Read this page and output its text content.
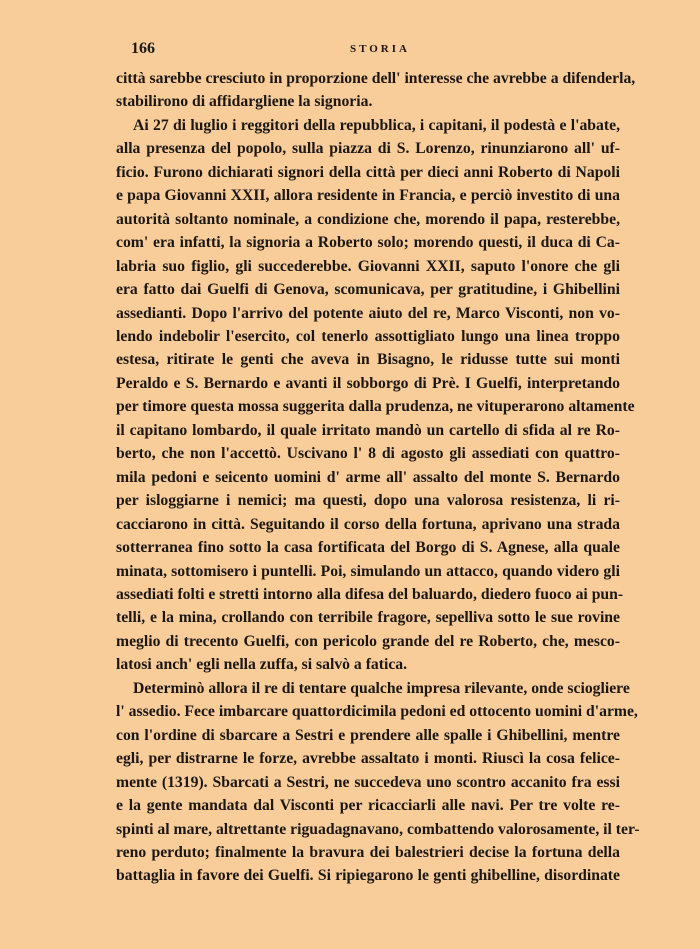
166	STORIA

città sarebbe cresciuto in proporzione dell' interesse che avrebbe a difenderla,
stabilirono di affidargliene la signoria.

Ai 27 di luglio i reggitori della repubblica, i capitani, il podestà e l'abate,
alla presenza del popolo, sulla piazza di S. Lorenzo, rinunziarono all' uf-
ficio. Furono dichiarati signori della città per dieci anni Roberto di Napoli
e papa Giovanni XXII, allora residente in Francia, e perciò investito di una
autorità soltanto nominale, a condizione che, morendo il papa, resterebbe,
com' era infatti, la signoria a Roberto solo; morendo questi, il duca di Ca-
labria suo figlio, gli succederebbe. Giovanni XXII, saputo l'onore che gli
era fatto dai Guelfi di Genova, scomunicava, per gratitudine, i Ghibellini
assedianti. Dopo l'arrivo del potente aiuto del re, Marco Visconti, non vo-
lendo indebolir l'esercito, col tenerlo assottigliato lungo una linea troppo
estesa, ritirate le genti che aveva in Bisagno, le ridusse tutte sui monti
Peraldo e S. Bernardo e avanti il sobborgo di Prè. I Guelfi, interpretando
per timore questa mossa suggerita dalla prudenza, ne vituperarono altamente
il capitano lombardo, il quale irritato mandò un cartello di sfida al re Ro-
berto, che non l'accettò. Uscivano l' 8 di agosto gli assediati con quattro-
mila pedoni e seicento uomini d' arme all' assalto del monte S. Bernardo
per isloggiarne i nemici; ma questi, dopo una valorosa resistenza, li ri-
cacciarono in città. Seguitando il corso della fortuna, aprivano una strada
sotterranea fino sotto la casa fortificata del Borgo di S. Agnese, alla quale
minata, sottomisero i puntelli. Poi, simulando un attacco, quando videro gli
assediati folti e stretti intorno alla difesa del baluardo, diedero fuoco ai pun-
telli, e la mina, crollando con terribile fragore, sepelliva sotto le sue rovine
meglio di trecento Guelfi, con pericolo grande del re Roberto, che, mesco-
latosi anch' egli nella zuffa, si salvò a fatica.

Determinò allora il re di tentare qualche impresa rilevante, onde sciogliere
l' assedio. Fece imbarcare quattordicimila pedoni ed ottocento uomini d'arme,
con l'ordine di sbarcare a Sestri e prendere alle spalle i Ghibellini, mentre
egli, per distrarne le forze, avrebbe assaltato i monti. Riuscì la cosa felice-
mente (1319). Sbarcati a Sestri, ne succedeva uno scontro accanito fra essi
e la gente mandata dal Visconti per ricacciarli alle navi. Per tre volte re-
spinti al mare, altrettante riguadagnavano, combattendo valorosamente, il ter-
reno perduto; finalmente la bravura dei balestrieri decise la fortuna della
battaglia in favore dei Guelfi. Si ripiegarono le genti ghibelline, disordinate
